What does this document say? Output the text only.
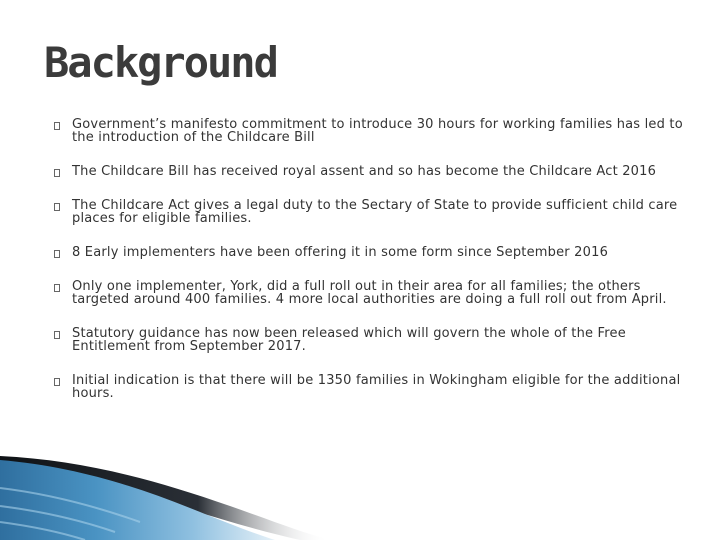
Background
Government’s manifesto commitment to introduce 30 hours for working families has led to the introduction of the Childcare Bill
The Childcare Bill has received royal assent and so has become the Childcare Act 2016
The Childcare Act gives a legal duty to the Sectary of State to provide sufficient child care places for eligible families.
8 Early implementers have been offering it in some form since September 2016
Only one implementer, York, did a full roll out in their area for all families; the others targeted around 400 families. 4 more local authorities are doing a full roll out from April.
Statutory guidance has now been released which will govern the whole of the Free Entitlement from September 2017.
Initial indication is that there will be 1350 families in Wokingham eligible for the additional hours.
